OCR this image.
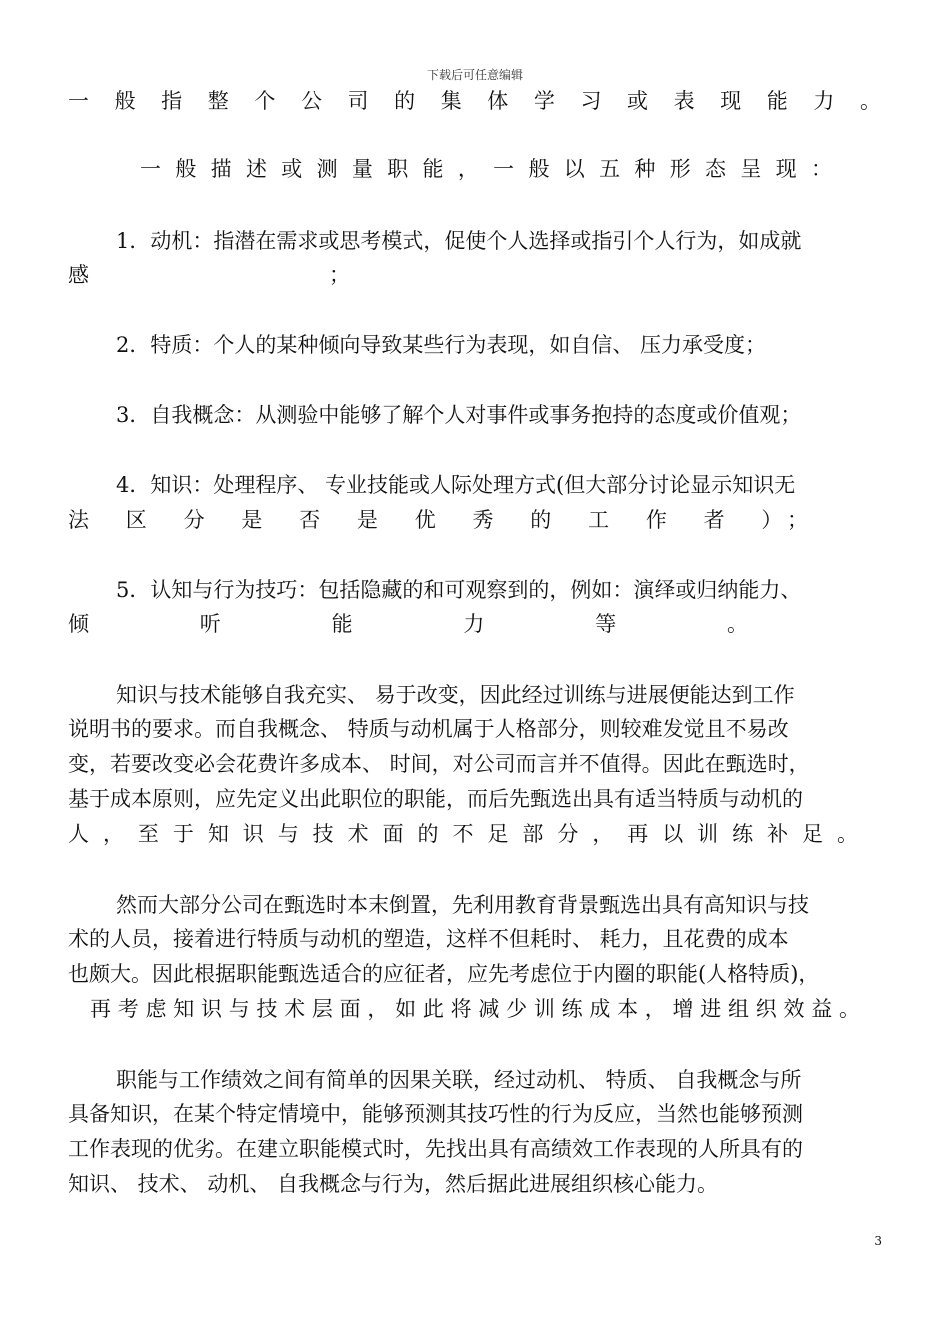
下载后可任意编辑
一 般 指 整 个 公 司 的 集 体 学 习 或 表 现 能 力 。
一 般 描 述 或 测 量 职 能 ， 一 般 以 五 种 形 态 呈 现 ：
1．动机：指潜在需求或思考模式，促使个人选择或指引个人行为，如成就
感 ；
2．特质：个人的某种倾向导致某些行为表现，如自信、 压力承受度；
3．自我概念：从测验中能够了解个人对事件或事务抱持的态度或价值观；
4．知识：处理程序、 专业技能或人际处理方式(但大部分讨论显示知识无
法 区 分 是 否 是 优 秀 的 工 作 者 ）；
5．认知与行为技巧：包括隐藏的和可观察到的，例如：演绎或归纳能力、
倾 听 能 力 等 。
知识与技术能够自我充实、 易于改变，因此经过训练与进展便能达到工作
说明书的要求。而自我概念、 特质与动机属于人格部分，则较难发觉且不易改
变，若要改变必会花费许多成本、 时间，对公司而言并不值得。因此在甄选时，
基于成本原则，应先定义出此职位的职能，而后先甄选出具有适当特质与动机的
人 ， 至 于 知 识 与 技 术 面 的 不 足 部 分 ， 再 以 训 练 补 足 。
然而大部分公司在甄选时本末倒置，先利用教育背景甄选出具有高知识与技
术的人员，接着进行特质与动机的塑造，这样不但耗时、 耗力，且花费的成本
也颇大。因此根据职能甄选适合的应征者，应先考虑位于内圈的职能(人格特质)，
再 考 虑 知 识 与 技 术 层 面 ， 如 此 将 减 少 训 练 成 本 ， 增 进 组 织 效 益 。
职能与工作绩效之间有简单的因果关联，经过动机、 特质、 自我概念与所
具备知识，在某个特定情境中，能够预测其技巧性的行为反应，当然也能够预测
工作表现的优劣。在建立职能模式时，先找出具有高绩效工作表现的人所具有的
知识、 技术、 动机、 自我概念与行为，然后据此进展组织核心能力。
3
